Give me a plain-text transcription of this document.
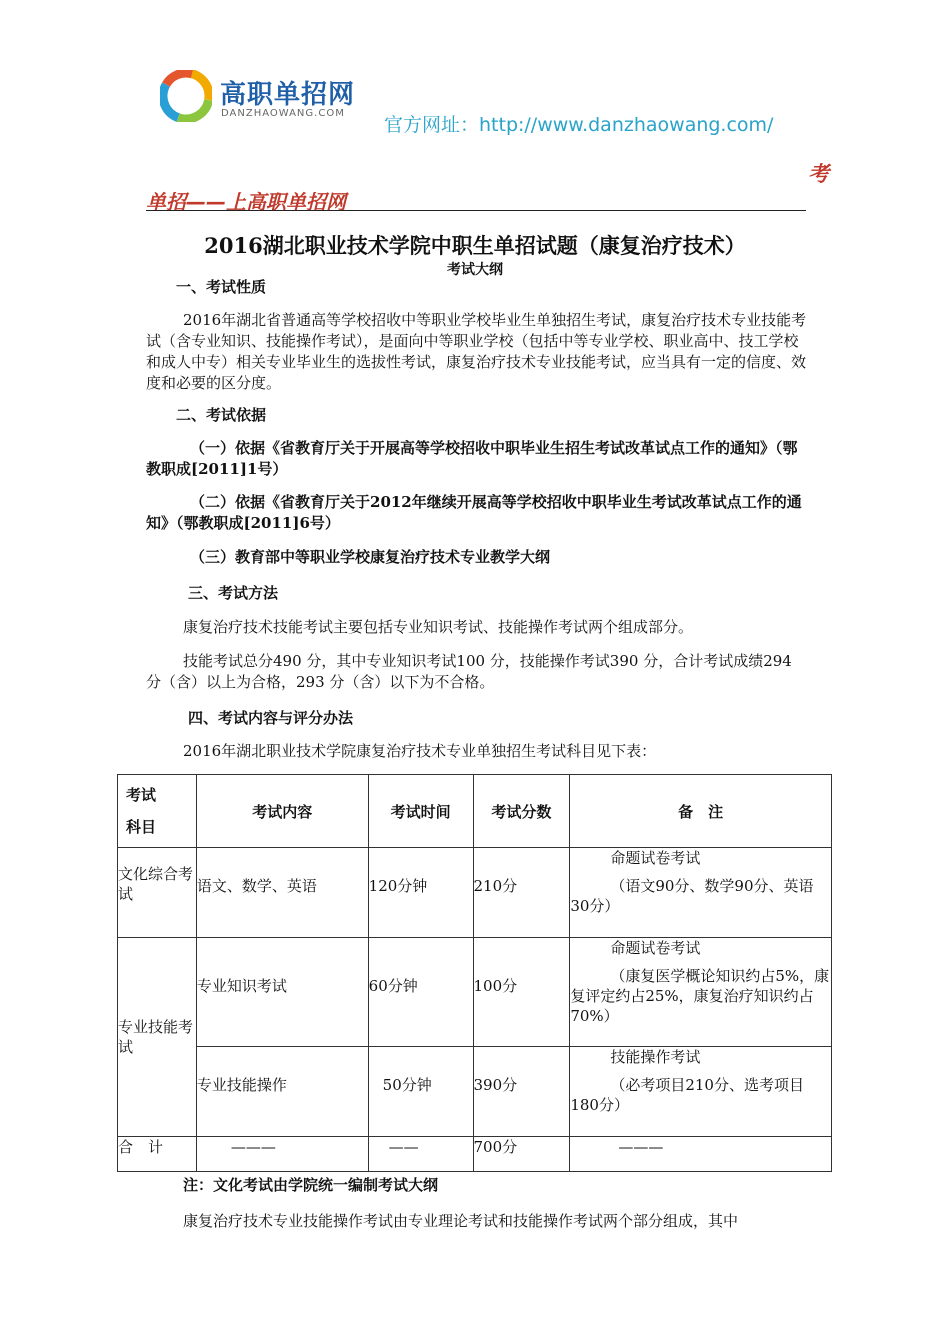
高职单招网
DANZHAOWANG.COM
官方网址：http://www.danzhaowang.com/
考
单招——上高职单招网
2016湖北职业技术学院中职生单招试题（康复治疗技术）
考试大纲
一、考试性质
2016年湖北省普通高等学校招收中等职业学校毕业生单独招生考试，康复治疗技术专业技能考试（含专业知识、技能操作考试），是面向中等职业学校（包括中等专业学校、职业高中、技工学校和成人中专）相关专业毕业生的选拔性考试，康复治疗技术专业技能考试，应当具有一定的信度、效度和必要的区分度。
二、考试依据
（一）依据《省教育厅关于开展高等学校招收中职毕业生招生考试改革试点工作的通知》（鄂教职成[2011]1号）
（二）依据《省教育厅关于2012年继续开展高等学校招收中职毕业生考试改革试点工作的通知》（鄂教职成[2011]6号）
（三）教育部中等职业学校康复治疗技术专业教学大纲
三、考试方法
康复治疗技术技能考试主要包括专业知识考试、技能操作考试两个组成部分。
技能考试总分490 分，其中专业知识考试100 分，技能操作考试390 分，合计考试成绩294 分（含）以上为合格，293 分（含）以下为不合格。
四、考试内容与评分办法
2016年湖北职业技术学院康复治疗技术专业单独招生考试科目见下表：
考试
科目	考试内容	考试时间	考试分数	备　注
文化综合考试	语文、数学、英语	120分钟	210分	命题试卷考试
（语文90分、数学90分、英语30分）

专业技能考试	专业知识考试	60分钟	100分	命题试卷考试
（康复医学概论知识约占5%，康复评定约占25%，康复治疗知识约占70%）

	专业技能操作	50分钟	390分	技能操作考试
（必考项目210分、选考项目180分）

合　计	———	——	700分	———
注：文化考试由学院统一编制考试大纲
康复治疗技术专业技能操作考试由专业理论考试和技能操作考试两个部分组成，其中
